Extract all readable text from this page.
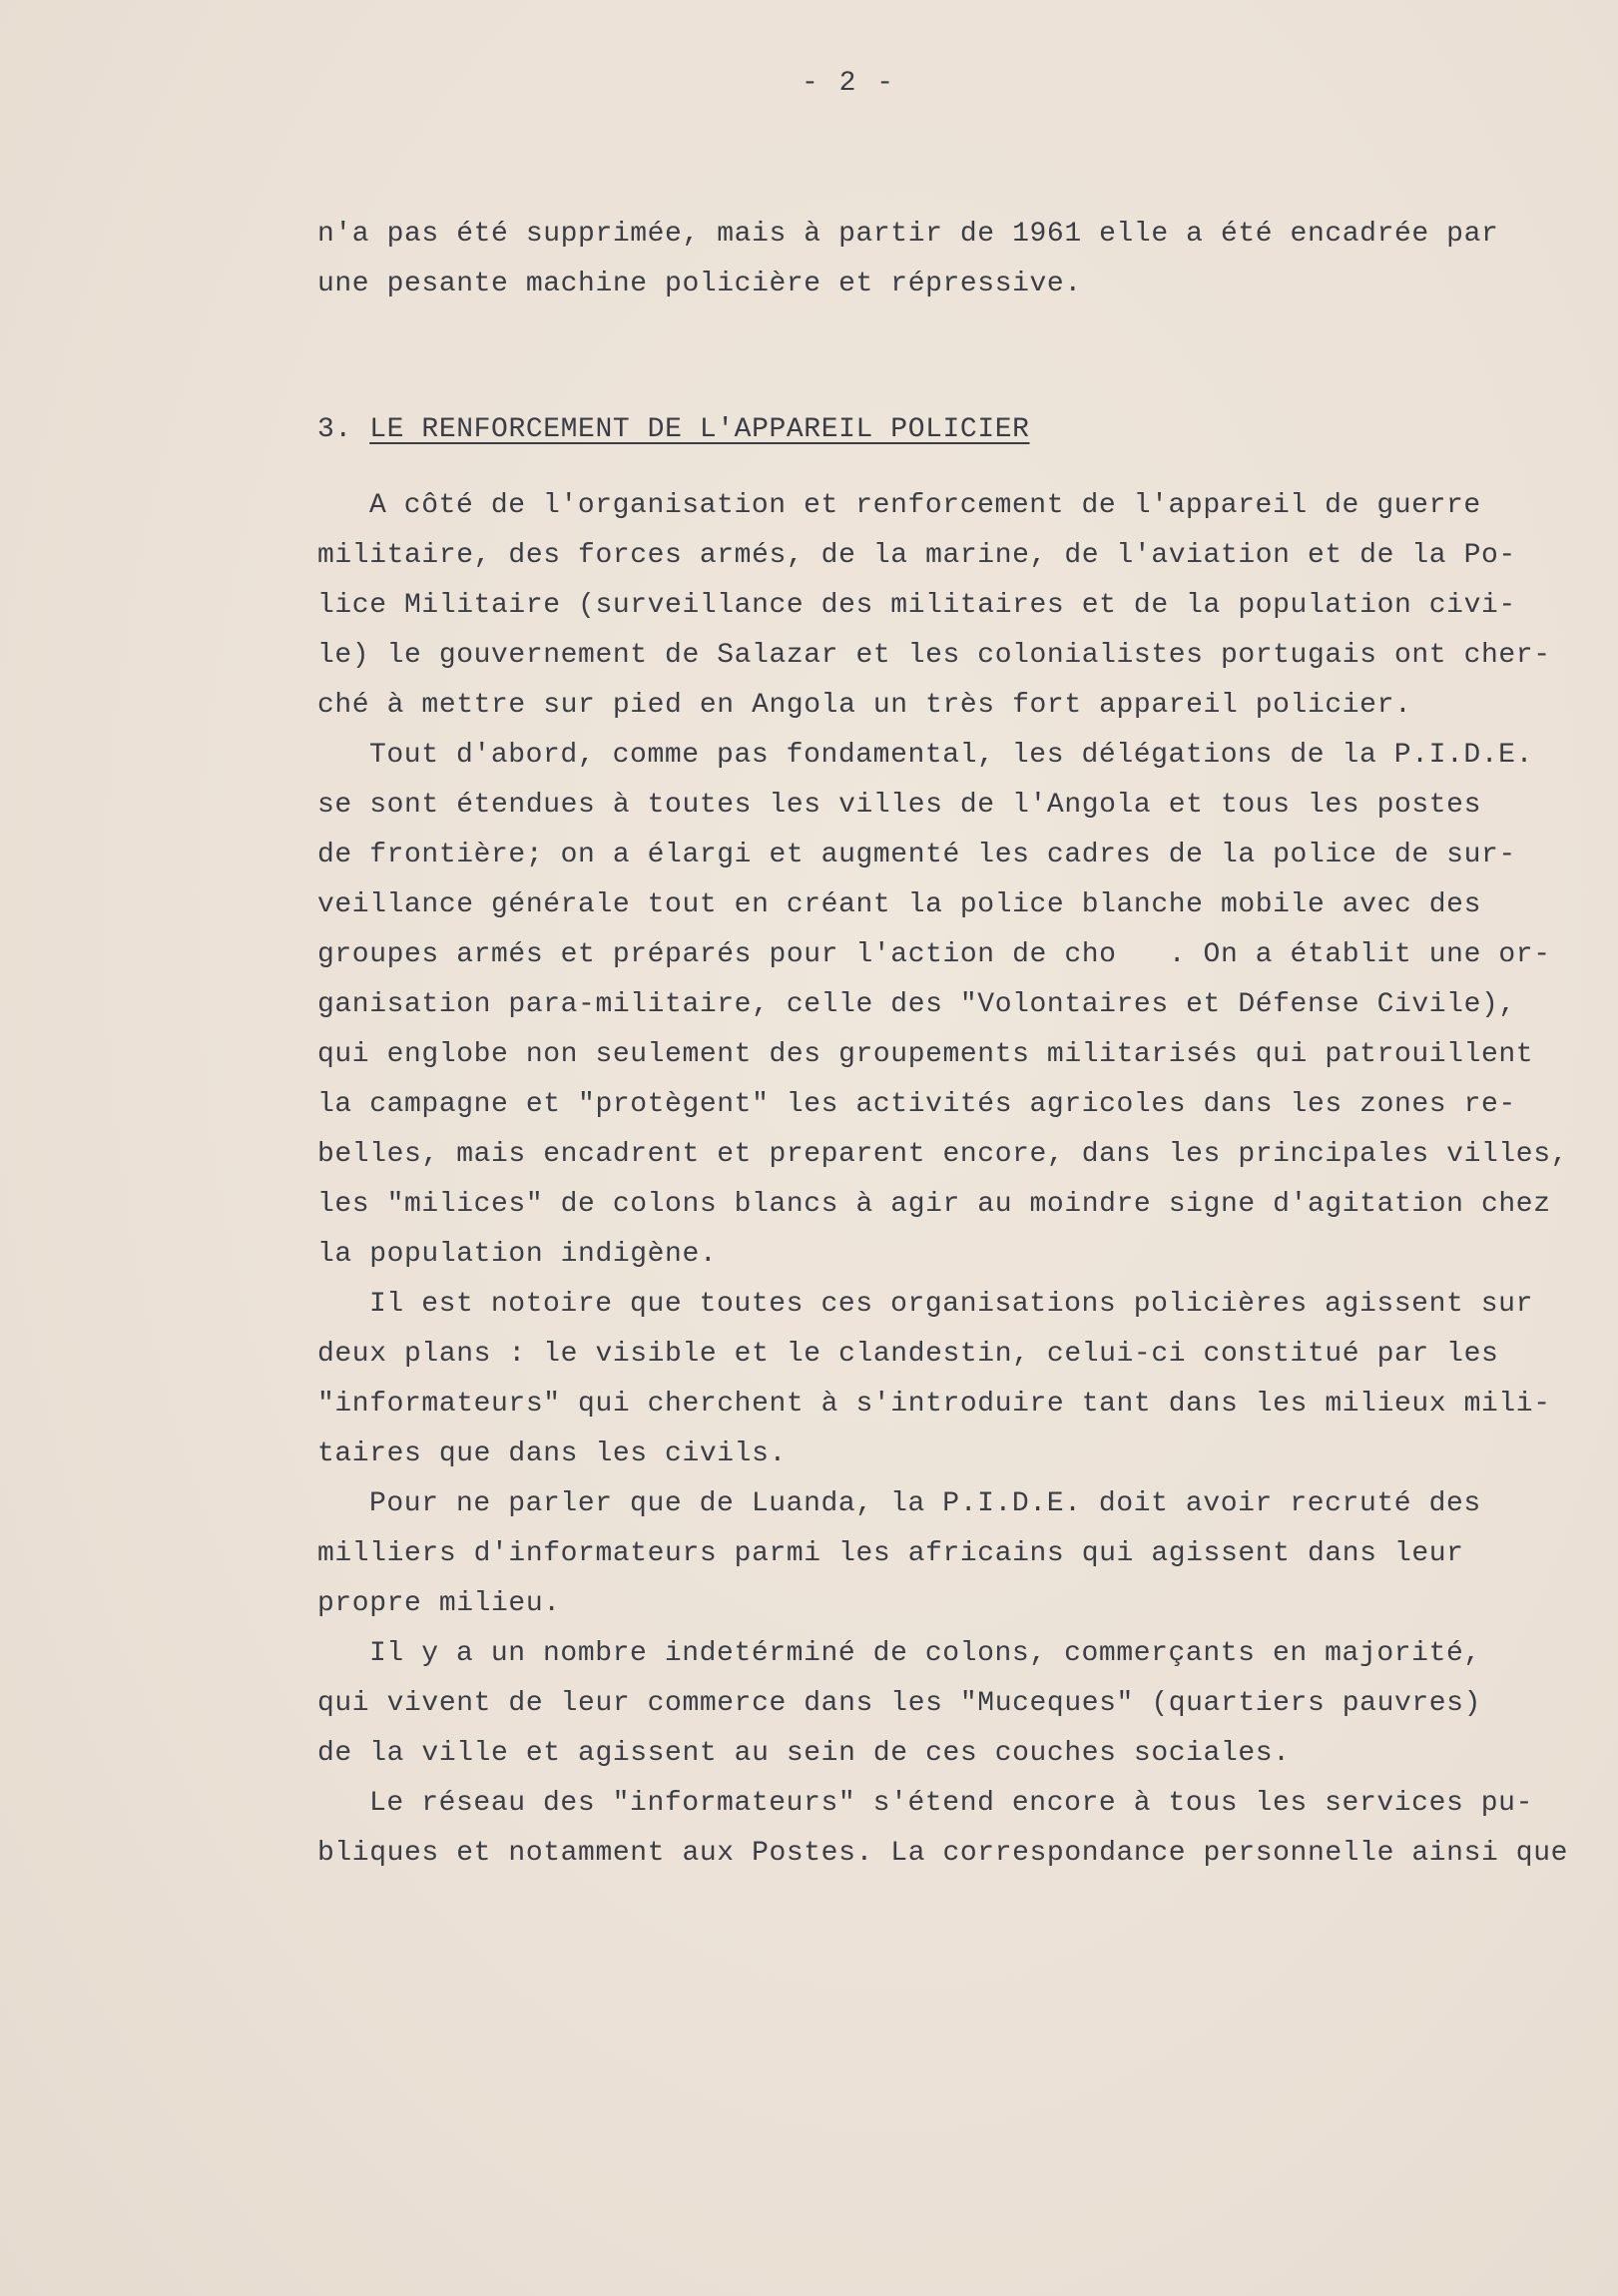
- 2 -
n'a pas été supprimée, mais à partir de 1961 elle a été encadrée par
une pesante machine policière et répressive.
3. LE RENFORCEMENT DE L'APPAREIL POLICIER
A côté de l'organisation et renforcement de l'appareil de guerre
militaire, des forces armés, de la marine, de l'aviation et de la Po-
lice Militaire (surveillance des militaires et de la population civi-
le) le gouvernement de Salazar et les colonialistes portugais ont cher-
ché à mettre sur pied en Angola un très fort appareil policier.
Tout d'abord, comme pas fondamental, les délégations de la P.I.D.E.
se sont étendues à toutes les villes de l'Angola et tous les postes
de frontière; on a élargi et augmenté les cadres de la police de sur-
veillance générale tout en créant la police blanche mobile avec des
groupes armés et préparés pour l'action de cho   . On a établit une or-
ganisation para-militaire, celle des "Volontaires et Défense Civile),
qui englobe non seulement des groupements militarisés qui patrouillent
la campagne et "protègent" les activités agricoles dans les zones re-
belles, mais encadrent et preparent encore, dans les principales villes,
les "milices" de colons blancs à agir au moindre signe d'agitation chez
la population indigène.
Il est notoire que toutes ces organisations policières agissent sur
deux plans : le visible et le clandestin, celui-ci constitué par les
"informateurs" qui cherchent à s'introduire tant dans les milieux mili-
taires que dans les civils.
Pour ne parler que de Luanda, la P.I.D.E. doit avoir recruté des
milliers d'informateurs parmi les africains qui agissent dans leur
propre milieu.
Il y a un nombre indetérminé de colons, commerçants en majorité,
qui vivent de leur commerce dans les "Muceques" (quartiers pauvres)
de la ville et agissent au sein de ces couches sociales.
Le réseau des "informateurs" s'étend encore à tous les services pu-
bliques et notamment aux Postes. La correspondance personnelle ainsi que
